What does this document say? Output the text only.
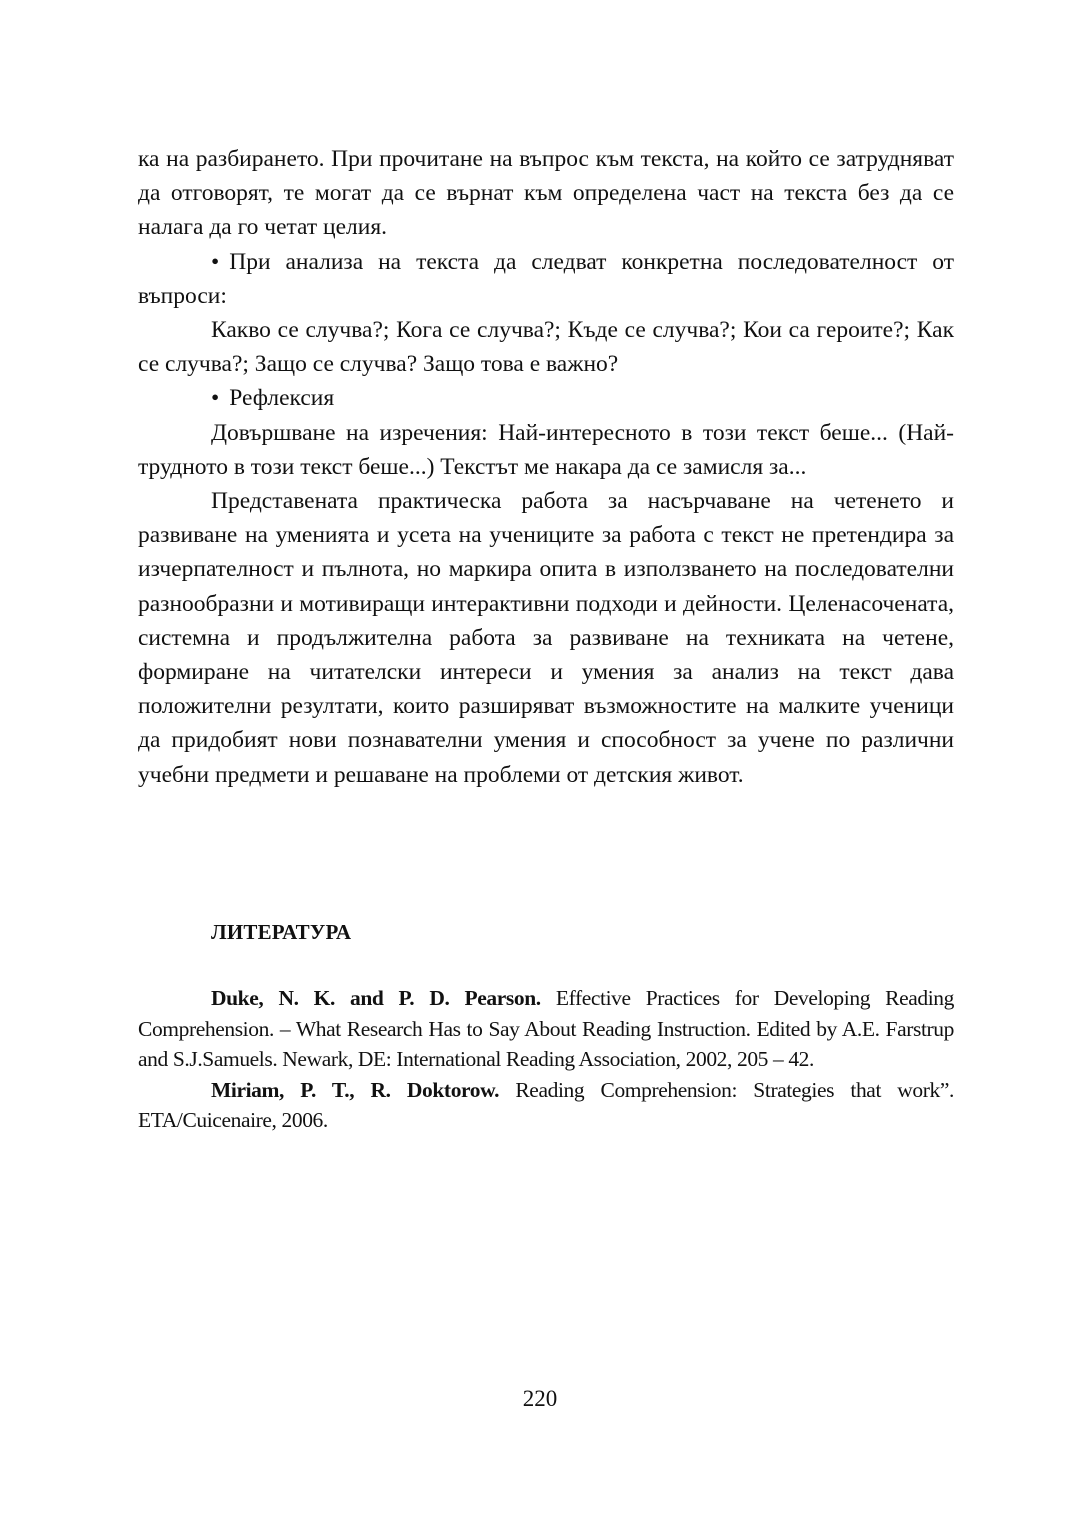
ка на разбирането. При прочитане на въпрос към текста, на който се затрудняват да отговорят, те могат да се върнат към определена част на текста без да се налага да го четат целия.

• При анализа на текста да следват конкретна последователност от въпроси:

Какво се случва?; Кога се случва?; Къде се случва?; Кои са героите?; Как се случва?; Защо се случва? Защо това е важно?

• Рефлексия

Довършване на изречения: Най-интересното в този текст беше... (Най-трудното в този текст беше...) Текстът ме накара да се замисля за...

Представената практическа работа за насърчаване на четенето и развиване на уменията и усета на учениците за работа с текст не претендира за изчерпателност и пълнота, но маркира опита в използването на последователни разнообразни и мотивиращи интерактивни подходи и дейности. Целенасочената, системна и продължителна работа за развиване на техниката на четене, формиране на читателски интереси и умения за анализ на текст дава положителни резултати, които разширяват възможностите на малките ученици да придобият нови познавателни умения и способност за учене по различни учебни предмети и решаване на проблеми от детския живот.

ЛИТЕРАТУРА

Duke, N. K. and P. D. Pearson. Effective Practices for Developing Reading Comprehension. – What Research Has to Say About Reading Instruction. Edited by A.E. Farstrup and S.J.Samuels. Newark, DE: International Reading Association, 2002, 205 – 42.

Miriam, P. T., R. Doktorow. Reading Comprehension: Strategies that work”. ETA/Cuicenaire, 2006.

220
